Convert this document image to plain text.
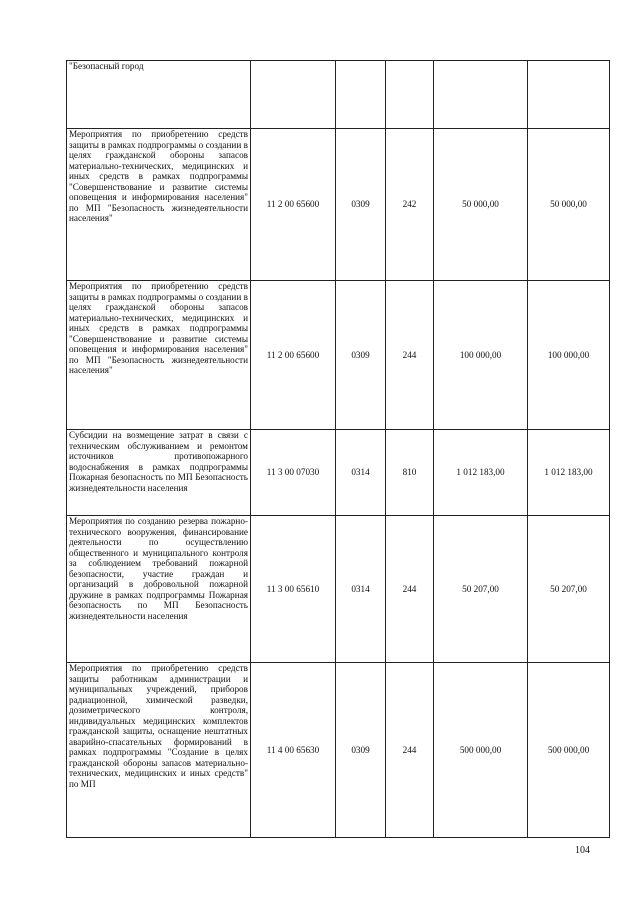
"Безопасный город					
Мероприятия по приобретению средств защиты в рамках подпрограммы о создании в целях гражданской обороны запасов материально-технических, медицинских и иных средств в рамках подпрограммы "Совершенствование и развитие системы оповещения и информирования населения" по МП "Безопасность жизнедеятельности населения"	11 2 00 65600	0309	242	50 000,00	50 000,00
Мероприятия по приобретению средств защиты в рамках подпрограммы о создании в целях гражданской обороны запасов материально-технических, медицинских и иных средств в рамках подпрограммы "Совершенствование и развитие системы оповещения и информирования населения" по МП "Безопасность жизнедеятельности населения"	11 2 00 65600	0309	244	100 000,00	100 000,00
Субсидии на возмещение затрат в связи с техническим обслуживанием и ремонтом источников противопожарного водоснабжения в рамках подпрограммы Пожарная безопасность по МП Безопасность жизнедеятельности населения	11 3 00 07030	0314	810	1 012 183,00	1 012 183,00
Мероприятия по созданию резерва пожарно-технического вооружения, финансирование деятельности по осуществлению общественного и муниципального контроля за соблюдением требований пожарной безопасности, участие граждан и организаций в добровольной пожарной дружине в рамках подпрограммы Пожарная безопасность по МП Безопасность жизнедеятельности населения	11 3 00 65610	0314	244	50 207,00	50 207,00
Мероприятия по приобретению средств защиты работникам администрации и муниципальных учреждений, приборов радиационной, химической разведки, дозиметрического контроля, индивидуальных медицинских комплектов гражданской защиты, оснащение нештатных аварийно-спасательных формирований в рамках подпрограммы "Создание в целях гражданской обороны запасов материально-технических, медицинских и иных средств" по МП	11 4 00 65630	0309	244	500 000,00	500 000,00
104
